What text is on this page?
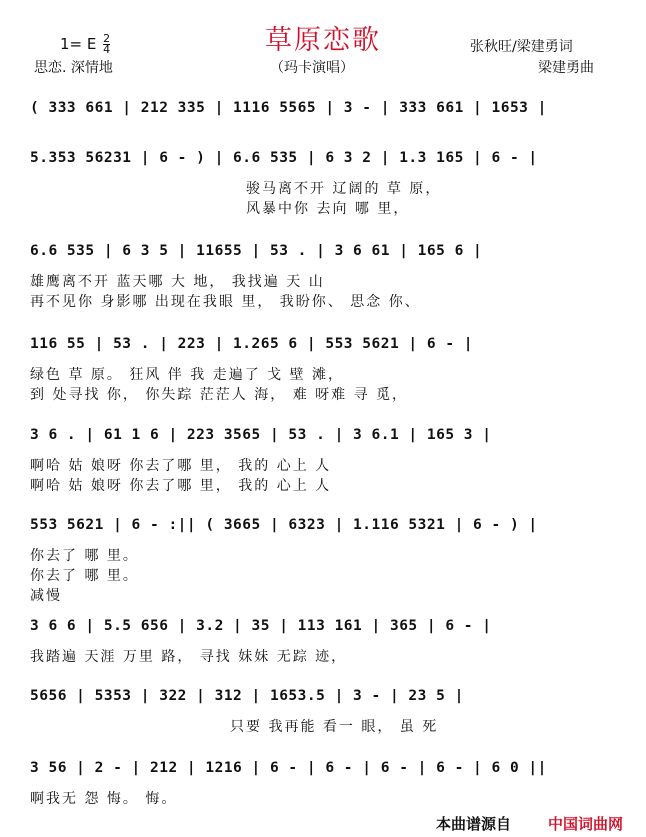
草原恋歌
1= E $\frac{2}{4}$
思恋. 深情地	（玛卡演唱）
张秋旺/梁建勇词
梁建勇曲
( 333 661 | 212 335 | 1116 5565 | 3 - | 333 661 | 1653 |
5.353 56231 | 6 - ) | 6.6 535 | 6 3 2 | 1.3 165 | 6 - |
骏马离不开 辽阔的 草 原，
风暴中你 去向 哪 里，
6.6 535 | 6 3 5 | 11655 | 53 . | 3 6 61 | 165 6 |
雄鹰离不开 蓝天哪 大 地， 我找遍 天 山
再不见你 身影哪 出现在我眼 里， 我盼你、 思念 你、
116 55 | 53 . | 223 | 1.265 6 | 553 5621 | 6 - |
绿色 草 原。 狂风 伴 我 走遍了 戈 壁 滩，
到 处寻找 你， 你失踪 茫茫人 海， 难 呀难 寻 觅，
3 6 . | 61 1 6 | 223 3565 | 53 . | 3 6.1 | 165 3 |
啊哈 姑 娘呀 你去了哪 里， 我的 心上 人
啊哈 姑 娘呀 你去了哪 里， 我的 心上 人
553 5621 | 6 - :|| ( 3665 | 6323 | 1.116 5321 | 6 - ) |
你去了 哪 里。
你去了 哪 里。
减慢
3 6 6 | 5.5 656 | 3.2 | 35 | 113 161 | 365 | 6 - |
我踏遍 天涯 万里 路， 寻找 妹妹 无踪 迹，
5656 | 5353 | 322 | 312 | 1653.5 | 3 - | 23 5 |
只要 我再能 看一 眼， 虽 死
3 56 | 2 - | 212 | 1216 | 6 - | 6 - | 6 - | 6 - | 6 0 ||
啊我无 怨 悔。 悔。
本曲谱源自 中国词曲网
